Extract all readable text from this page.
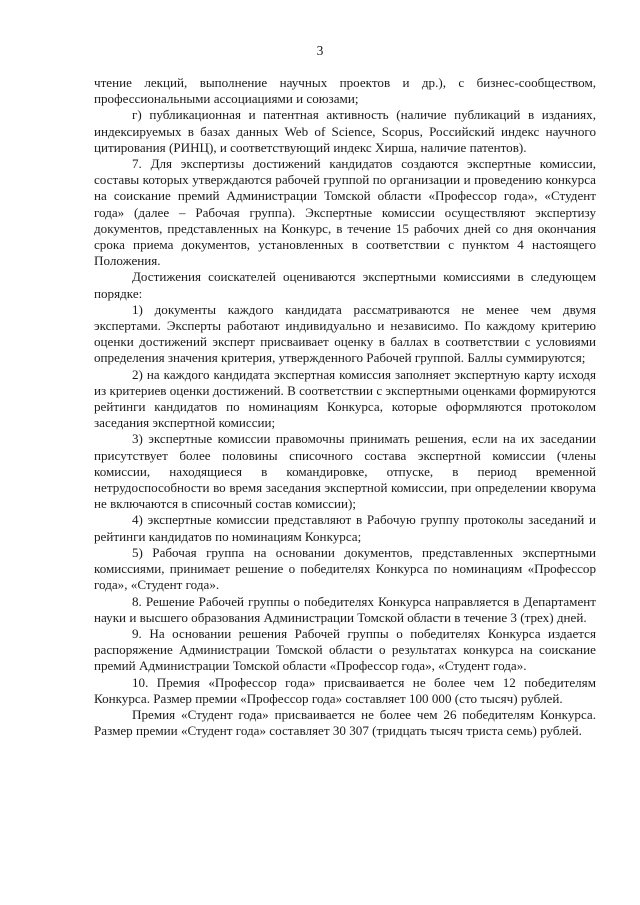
3

чтение лекций, выполнение научных проектов и др.), с бизнес-сообществом, профессиональными ассоциациями и союзами;

г) публикационная и патентная активность (наличие публикаций в изданиях, индексируемых в базах данных Web of Science, Scopus, Российский индекс научного цитирования (РИНЦ), и соответствующий индекс Хирша, наличие патентов).

7. Для экспертизы достижений кандидатов создаются экспертные комиссии, составы которых утверждаются рабочей группой по организации и проведению конкурса на соискание премий Администрации Томской области «Профессор года», «Студент года» (далее – Рабочая группа). Экспертные комиссии осуществляют экспертизу документов, представленных на Конкурс, в течение 15 рабочих дней со дня окончания срока приема документов, установленных в соответствии с пунктом 4 настоящего Положения.

Достижения соискателей оцениваются экспертными комиссиями в следующем порядке:

1) документы каждого кандидата рассматриваются не менее чем двумя экспертами. Эксперты работают индивидуально и независимо. По каждому критерию оценки достижений эксперт присваивает оценку в баллах в соответствии с условиями определения значения критерия, утвержденного Рабочей группой. Баллы суммируются;

2) на каждого кандидата экспертная комиссия заполняет экспертную карту исходя из критериев оценки достижений. В соответствии с экспертными оценками формируются рейтинги кандидатов по номинациям Конкурса, которые оформляются протоколом заседания экспертной комиссии;

3) экспертные комиссии правомочны принимать решения, если на их заседании присутствует более половины списочного состава экспертной комиссии (члены комиссии, находящиеся в командировке, отпуске, в период временной нетрудоспособности во время заседания экспертной комиссии, при определении кворума не включаются в списочный состав комиссии);

4) экспертные комиссии представляют в Рабочую группу протоколы заседаний и рейтинги кандидатов по номинациям Конкурса;

5) Рабочая группа на основании документов, представленных экспертными комиссиями, принимает решение о победителях Конкурса по номинациям «Профессор года», «Студент года».

8. Решение Рабочей группы о победителях Конкурса направляется в Департамент науки и высшего образования Администрации Томской области в течение 3 (трех) дней.

9. На основании решения Рабочей группы о победителях Конкурса издается распоряжение Администрации Томской области о результатах конкурса на соискание премий Администрации Томской области «Профессор года», «Студент года».

10. Премия «Профессор года» присваивается не более чем 12 победителям Конкурса. Размер премии «Профессор года» составляет 100 000 (сто тысяч) рублей.

Премия «Студент года» присваивается не более чем 26 победителям Конкурса. Размер премии «Студент года» составляет 30 307 (тридцать тысяч триста семь) рублей.
